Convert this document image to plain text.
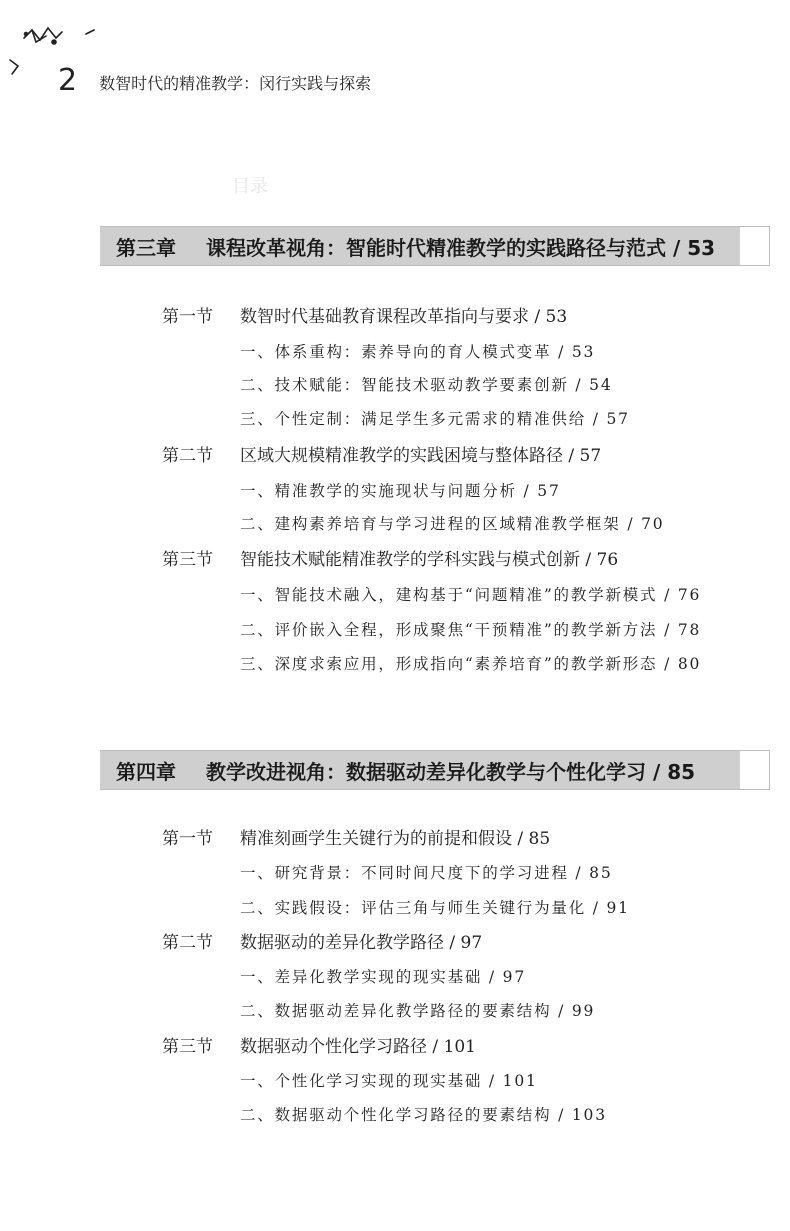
2 数智时代的精准教学：闵行实践与探索
目录
第三章 课程改革视角：智能时代精准教学的实践路径与范式 / 53
第一节 数智时代基础教育课程改革指向与要求 / 53
一、体系重构：素养导向的育人模式变革 / 53
二、技术赋能：智能技术驱动教学要素创新 / 54
三、个性定制：满足学生多元需求的精准供给 / 57
第二节 区域大规模精准教学的实践困境与整体路径 / 57
一、精准教学的实施现状与问题分析 / 57
二、建构素养培育与学习进程的区域精准教学框架 / 70
第三节 智能技术赋能精准教学的学科实践与模式创新 / 76
一、智能技术融入，建构基于“问题精准”的教学新模式 / 76
二、评价嵌入全程，形成聚焦“干预精准”的教学新方法 / 78
三、深度求索应用，形成指向“素养培育”的教学新形态 / 80
第四章 教学改进视角：数据驱动差异化教学与个性化学习 / 85
第一节 精准刻画学生关键行为的前提和假设 / 85
一、研究背景：不同时间尺度下的学习进程 / 85
二、实践假设：评估三角与师生关键行为量化 / 91
第二节 数据驱动的差异化教学路径 / 97
一、差异化教学实现的现实基础 / 97
二、数据驱动差异化教学路径的要素结构 / 99
第三节 数据驱动个性化学习路径 / 101
一、个性化学习实现的现实基础 / 101
二、数据驱动个性化学习路径的要素结构 / 103
